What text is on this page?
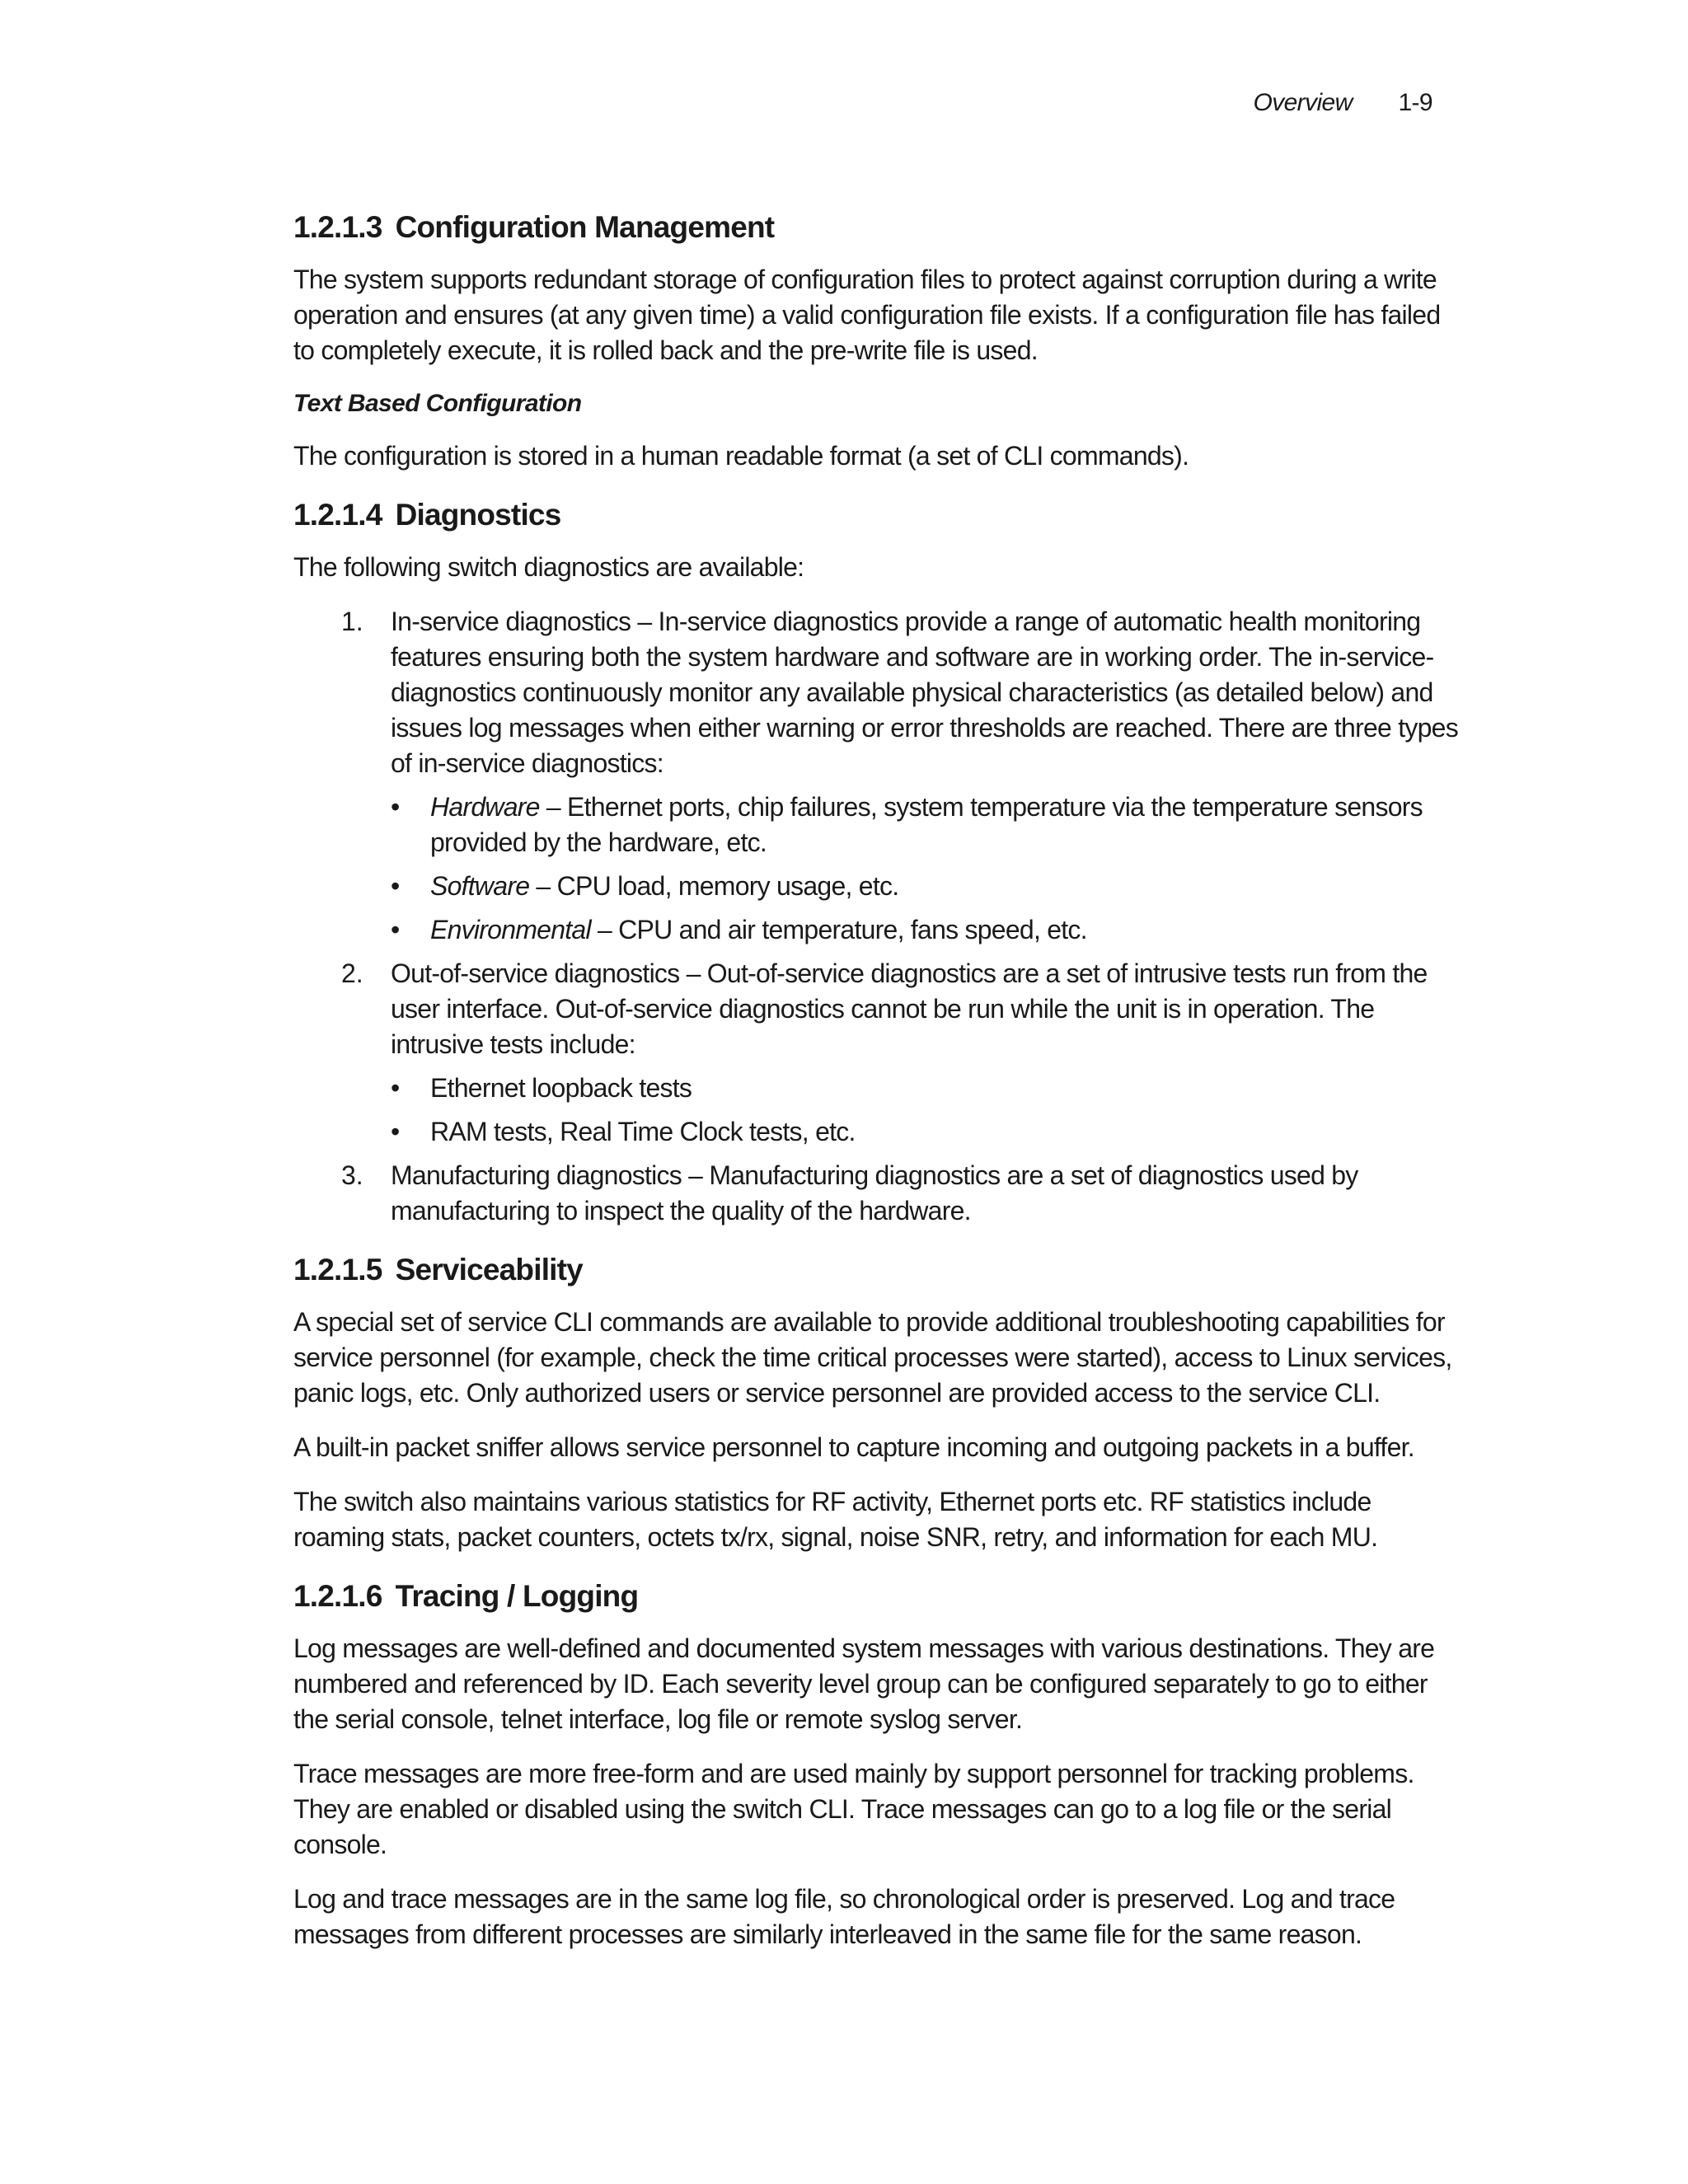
Overview 1-9
1.2.1.3 Configuration Management

The system supports redundant storage of configuration files to protect against corruption during a write operation and ensures (at any given time) a valid configuration file exists. If a configuration file has failed to completely execute, it is rolled back and the pre-write file is used.

Text Based Configuration

The configuration is stored in a human readable format (a set of CLI commands).

1.2.1.4 Diagnostics

The following switch diagnostics are available:

1. In-service diagnostics – In-service diagnostics provide a range of automatic health monitoring features ensuring both the system hardware and software are in working order. The in-service-diagnostics continuously monitor any available physical characteristics (as detailed below) and issues log messages when either warning or error thresholds are reached. There are three types of in-service diagnostics:

• Hardware – Ethernet ports, chip failures, system temperature via the temperature sensors provided by the hardware, etc.
• Software – CPU load, memory usage, etc.
• Environmental – CPU and air temperature, fans speed, etc.
2. Out-of-service diagnostics – Out-of-service diagnostics are a set of intrusive tests run from the user interface. Out-of-service diagnostics cannot be run while the unit is in operation. The intrusive tests include:

• Ethernet loopback tests
• RAM tests, Real Time Clock tests, etc.
3. Manufacturing diagnostics – Manufacturing diagnostics are a set of diagnostics used by manufacturing to inspect the quality of the hardware.

1.2.1.5 Serviceability

A special set of service CLI commands are available to provide additional troubleshooting capabilities for service personnel (for example, check the time critical processes were started), access to Linux services, panic logs, etc. Only authorized users or service personnel are provided access to the service CLI.

A built-in packet sniffer allows service personnel to capture incoming and outgoing packets in a buffer.

The switch also maintains various statistics for RF activity, Ethernet ports etc. RF statistics include roaming stats, packet counters, octets tx/rx, signal, noise SNR, retry, and information for each MU.

1.2.1.6 Tracing / Logging

Log messages are well-defined and documented system messages with various destinations. They are numbered and referenced by ID. Each severity level group can be configured separately to go to either the serial console, telnet interface, log file or remote syslog server.

Trace messages are more free-form and are used mainly by support personnel for tracking problems. They are enabled or disabled using the switch CLI. Trace messages can go to a log file or the serial console.

Log and trace messages are in the same log file, so chronological order is preserved. Log and trace messages from different processes are similarly interleaved in the same file for the same reason.
